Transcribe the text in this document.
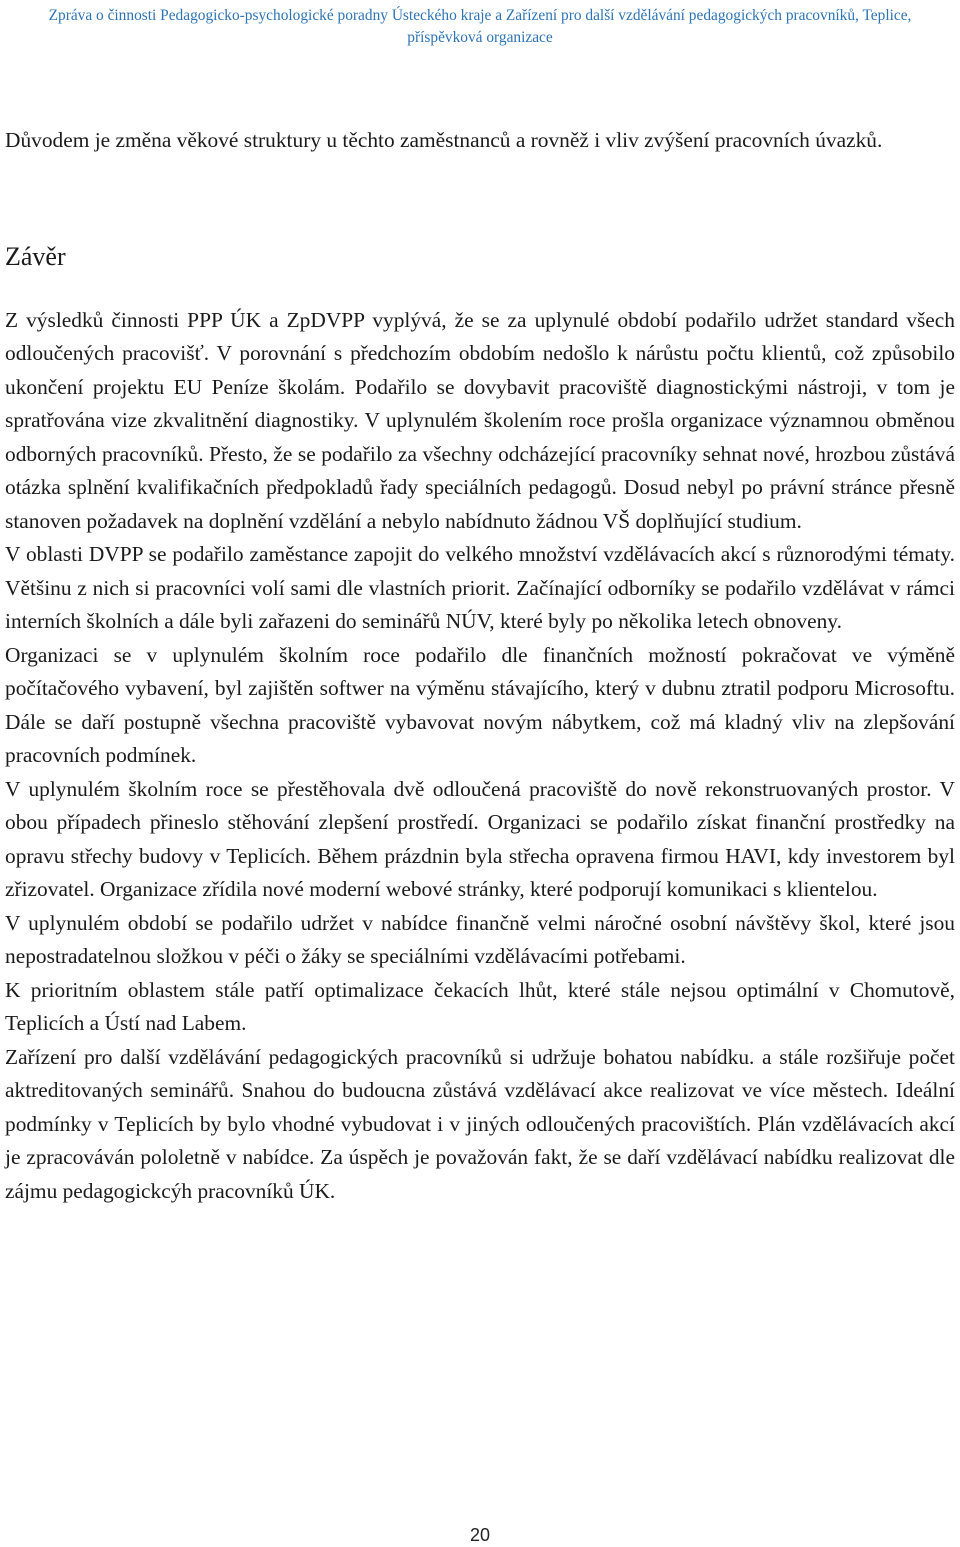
Zpráva o činnosti Pedagogicko-psychologické poradny Ústeckého kraje a Zařízení pro další vzdělávání pedagogických pracovníků, Teplice,
příspěvková organizace

Důvodem je změna věkové struktury u těchto zaměstnanců a rovněž i vliv zvýšení pracovních úvazků.

Závěr

Z výsledků činnosti PPP ÚK a ZpDVPP vyplývá, že se za uplynulé období podařilo udržet standard všech odloučených pracovišť. V porovnání s předchozím obdobím nedošlo k nárůstu počtu klientů, což způsobilo ukončení projektu EU Peníze školám. Podařilo se dovybavit pracoviště diagnostickými nástroji, v tom je spratřována vize zkvalitnění diagnostiky. V uplynulém školením roce prošla organizace významnou obměnou odborných pracovníků. Přesto, že se podařilo za všechny odcházející pracovníky sehnat nové, hrozbou zůstává otázka splnění kvalifikačních předpokladů řady speciálních pedagogů. Dosud nebyl po právní stránce přesně stanoven požadavek na doplnění vzdělání a nebylo nabídnuto žádnou VŠ doplňující studium.

V oblasti DVPP se podařilo zaměstance zapojit do velkého množství vzdělávacích akcí s různorodými tématy. Většinu z nich si pracovníci volí sami dle vlastních priorit. Začínající odborníky se podařilo vzdělávat v rámci interních školních a dále byli zařazeni do seminářů NÚV, které byly po několika letech obnoveny.

Organizaci se v uplynulém školním roce podařilo dle finančních možností pokračovat ve výměně počítačového vybavení, byl zajištěn softwer na výměnu stávajícího, který v dubnu ztratil podporu Microsoftu. Dále se daří postupně všechna pracoviště vybavovat novým nábytkem, což má kladný vliv na zlepšování pracovních podmínek.

V uplynulém školním roce se přestěhovala dvě odloučená pracoviště do nově rekonstruovaných prostor. V obou případech přineslo stěhování zlepšení prostředí. Organizaci se podařilo získat finanční prostředky na opravu střechy budovy v Teplicích. Během prázdnin byla střecha opravena firmou HAVI, kdy investorem byl zřizovatel. Organizace zřídila nové moderní webové stránky, které podporují komunikaci s klientelou.

V uplynulém období se podařilo udržet v nabídce finančně velmi náročné osobní návštěvy škol, které jsou nepostradatelnou složkou v péči o žáky se speciálními vzdělávacími potřebami.

K prioritním oblastem stále patří optimalizace čekacích lhůt, které stále nejsou optimální v Chomutově, Teplicích a Ústí nad Labem.

Zařízení pro další vzdělávání pedagogických pracovníků si udržuje bohatou nabídku. a stále rozšiřuje počet aktreditovaných seminářů. Snahou do budoucna zůstává vzdělávací akce realizovat ve více městech. Ideální podmínky v Teplicích by bylo vhodné vybudovat i v jiných odloučených pracovištích. Plán vzdělávacích akcí je zpracováván pololetně v nabídce. Za úspěch je považován fakt, že se daří vzdělávací nabídku realizovat dle zájmu pedagogickcýh pracovníků ÚK.

20
